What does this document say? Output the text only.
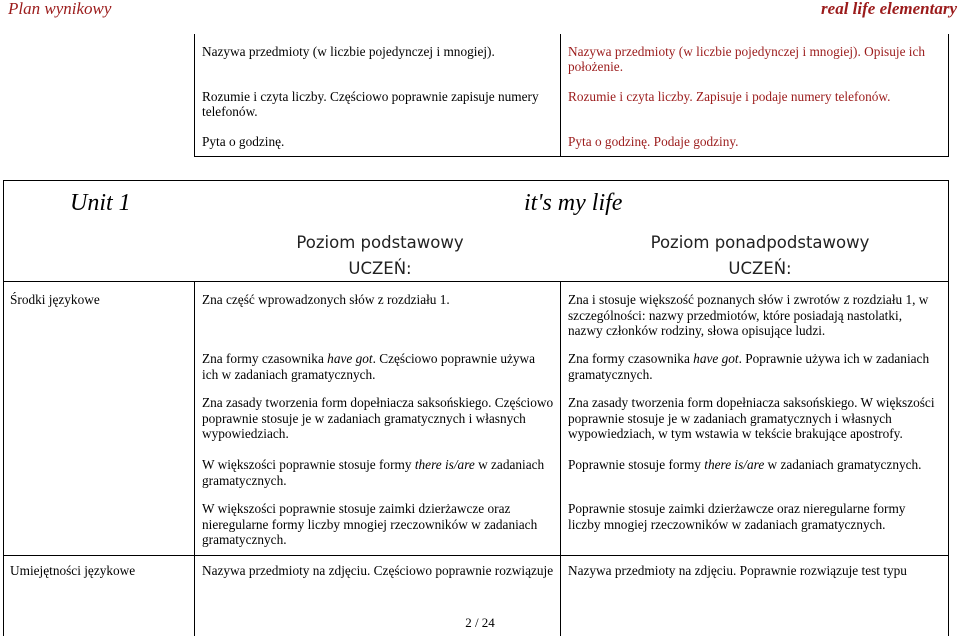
Plan wynikowy	real life elementary
Nazywa przedmioty (w liczbie pojedynczej i mnogiej).
Rozumie i czyta liczby. Częściowo poprawnie zapisuje numery telefonów.
Pyta o godzinę.
Nazywa przedmioty (w liczbie pojedynczej i mnogiej). Opisuje ich położenie.
Rozumie i czyta liczby. Zapisuje i podaje numery telefonów.
Pyta o godzinę. Podaje godziny.
Unit 1	it's my life
Poziom podstawowy
UCZEŃ:
Poziom ponadpodstawowy
UCZEŃ:
Środki językowe
Umiejętności językowe
Zna część wprowadzonych słów z rozdziału 1.
Zna formy czasownika have got. Częściowo poprawnie używa ich w zadaniach gramatycznych.
Zna zasady tworzenia form dopełniacza saksońskiego. Częściowo poprawnie stosuje je w zadaniach gramatycznych i własnych wypowiedziach.
W większości poprawnie stosuje formy there is/are w zadaniach gramatycznych.
W większości poprawnie stosuje zaimki dzierżawcze oraz nieregularne formy liczby mnogiej rzeczowników w zadaniach gramatycznych.
Zna i stosuje większość poznanych słów i zwrotów z rozdziału 1, w szczególności: nazwy przedmiotów, które posiadają nastolatki, nazwy członków rodziny, słowa opisujące ludzi.
Zna formy czasownika have got. Poprawnie używa ich w zadaniach gramatycznych.
Zna zasady tworzenia form dopełniacza saksońskiego. W większości poprawnie stosuje je w zadaniach gramatycznych i własnych wypowiedziach, w tym wstawia w tekście brakujące apostrofy.
Poprawnie stosuje formy there is/are w zadaniach gramatycznych.
Poprawnie stosuje zaimki dzierżawcze oraz nieregularne formy liczby mnogiej rzeczowników w zadaniach gramatycznych.
Nazywa przedmioty na zdjęciu. Częściowo poprawnie rozwiązuje Nazywa przedmioty na zdjęciu. Poprawnie rozwiązuje test typu
2 / 24
